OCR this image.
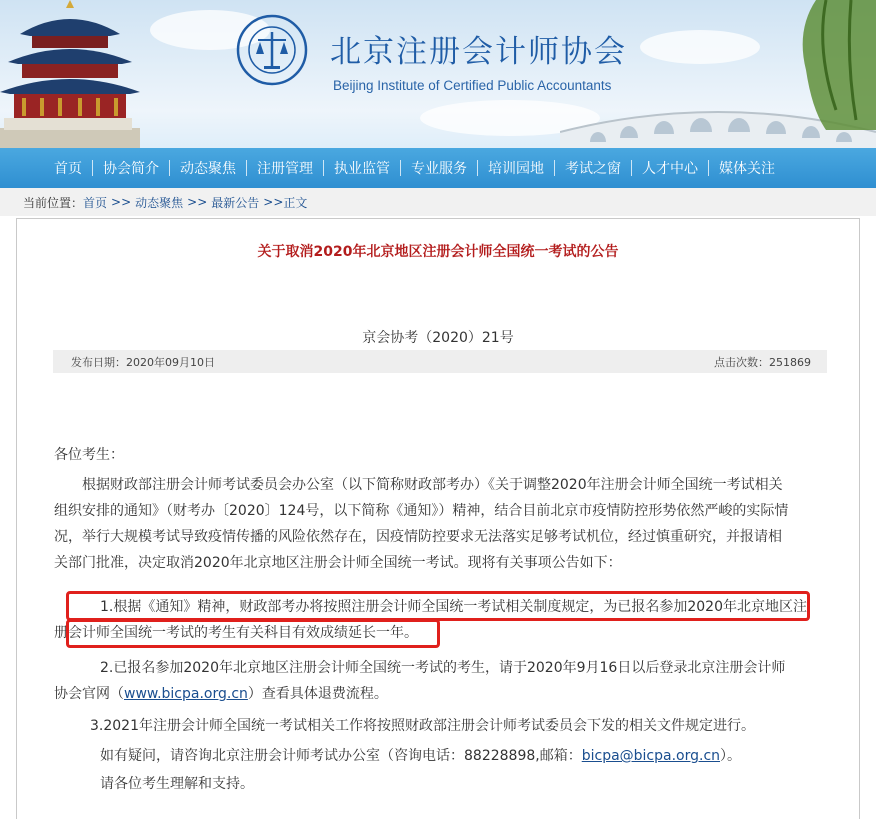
北京注册会计师协会
Beijing Institute of Certified Public Accountants
首页	协会简介	动态聚焦	注册管理	执业监管	专业服务	培训园地	考试之窗	人才中心	媒体关注
当前位置： 首页 >> 动态聚焦 >> 最新公告 >> 正文
关于取消2020年北京地区注册会计师全国统一考试的公告
京会协考（2020）21号
发布日期：2020年09月10日	点击次数：251869

各位考生：

根据财政部注册会计师考试委员会办公室（以下简称财政部考办）《关于调整2020年注册会计师全国统一考试相关组织安排的通知》（财考办〔2020〕124号，以下简称《通知》）精神，结合目前北京市疫情防控形势依然严峻的实际情况，举行大规模考试导致疫情传播的风险依然存在，因疫情防控要求无法落实足够考试机位，经过慎重研究，并报请相关部门批准，决定取消2020年北京地区注册会计师全国统一考试。现将有关事项公告如下：

1.根据《通知》精神，财政部考办将按照注册会计师全国统一考试相关制度规定，为已报名参加2020年北京地区注
册会计师全国统一考试的考生有关科目有效成绩延长一年。

2.已报名参加2020年北京地区注册会计师全国统一考试的考生，请于2020年9月16日以后登录北京注册会计师协会官网（www.bicpa.org.cn）查看具体退费流程。

3.2021年注册会计师全国统一考试相关工作将按照财政部注册会计师考试委员会下发的相关文件规定进行。

如有疑问，请咨询北京注册会计师考试办公室（咨询电话：88228898,邮箱：bicpa@bicpa.org.cn）。

请各位考生理解和支持。
